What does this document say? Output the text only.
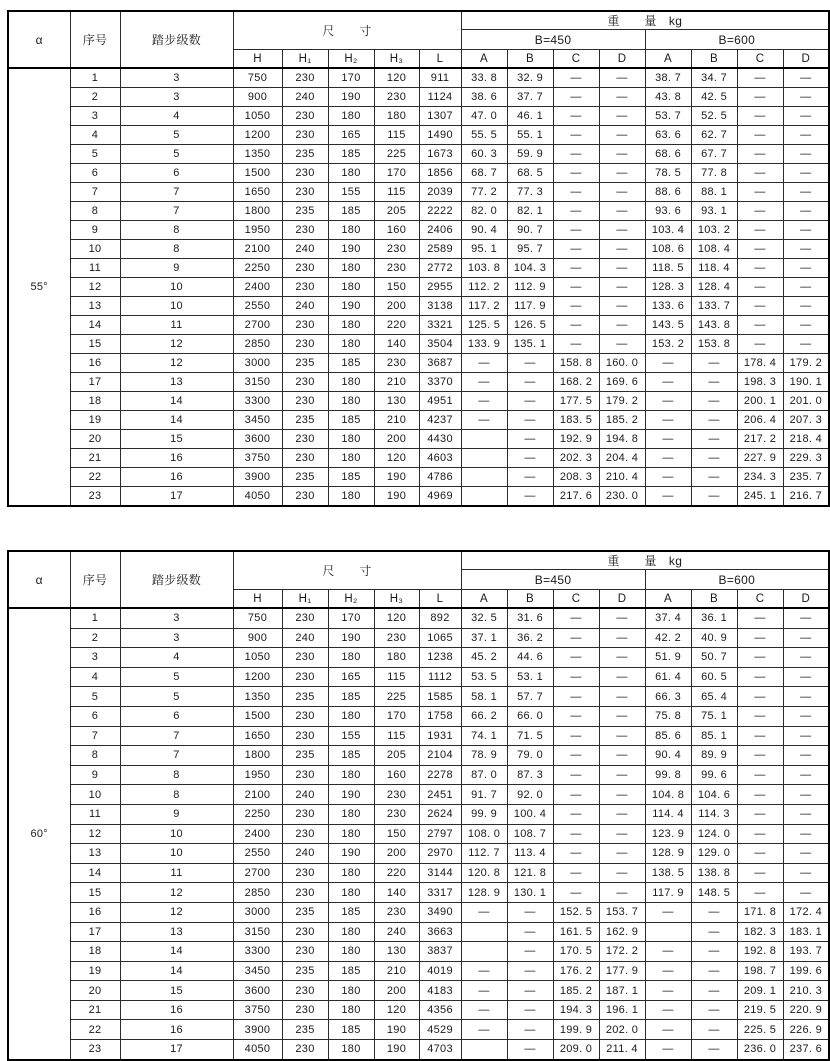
α	序号	踏步级数	尺　　寸					重　　量　kg							
								B=450				B=600			
			H	H₁	H₂	H₃	L	A	B	C	D	A	B	C	D
55°	1	3	750	230	170	120	911	33. 8	32. 9	—	—	38. 7	34. 7	—	—
	2	3	900	240	190	230	1124	38. 6	37. 7	—	—	43. 8	42. 5	—	—
	3	4	1050	230	180	180	1307	47. 0	46. 1	—	—	53. 7	52. 5	—	—
	4	5	1200	230	165	115	1490	55. 5	55. 1	—	—	63. 6	62. 7	—	—
	5	5	1350	235	185	225	1673	60. 3	59. 9	—	—	68. 6	67. 7	—	—
	6	6	1500	230	180	170	1856	68. 7	68. 5	—	—	78. 5	77. 8	—	—
	7	7	1650	230	155	115	2039	77. 2	77. 3	—	—	88. 6	88. 1	—	—
	8	7	1800	235	185	205	2222	82. 0	82. 1	—	—	93. 6	93. 1	—	—
	9	8	1950	230	180	160	2406	90. 4	90. 7	—	—	103. 4	103. 2	—	—
	10	8	2100	240	190	230	2589	95. 1	95. 7	—	—	108. 6	108. 4	—	—
	11	9	2250	230	180	230	2772	103. 8	104. 3	—	—	118. 5	118. 4	—	—
	12	10	2400	230	180	150	2955	112. 2	112. 9	—	—	128. 3	128. 4	—	—
	13	10	2550	240	190	200	3138	117. 2	117. 9	—	—	133. 6	133. 7	—	—
	14	11	2700	230	180	220	3321	125. 5	126. 5	—	—	143. 5	143. 8	—	—
	15	12	2850	230	180	140	3504	133. 9	135. 1	—	—	153. 2	153. 8	—	—
	16	12	3000	235	185	230	3687	—	—	158. 8	160. 0	—	—	178. 4	179. 2
	17	13	3150	230	180	210	3370	—	—	168. 2	169. 6	—	—	198. 3	190. 1
	18	14	3300	230	180	130	4951	—	—	177. 5	179. 2	—	—	200. 1	201. 0
	19	14	3450	235	185	210	4237	—	—	183. 5	185. 2	—	—	206. 4	207. 3
	20	15	3600	230	180	200	4430		—	192. 9	194. 8	—	—	217. 2	218. 4
	21	16	3750	230	180	120	4603		—	202. 3	204. 4	—	—	227. 9	229. 3
	22	16	3900	235	185	190	4786		—	208. 3	210. 4	—	—	234. 3	235. 7
	23	17	4050	230	180	190	4969		—	217. 6	230. 0	—	—	245. 1	216. 7
α	序号	踏步级数	尺　　寸					重　　量　kg							
								B=450				B=600			
			H	H₁	H₂	H₃	L	A	B	C	D	A	B	C	D
60°	1	3	750	230	170	120	892	32. 5	31. 6	—	—	37. 4	36. 1	—	—
	2	3	900	240	190	230	1065	37. 1	36. 2	—	—	42. 2	40. 9	—	—
	3	4	1050	230	180	180	1238	45. 2	44. 6	—	—	51. 9	50. 7	—	—
	4	5	1200	230	165	115	1112	53. 5	53. 1	—	—	61. 4	60. 5	—	—
	5	5	1350	235	185	225	1585	58. 1	57. 7	—	—	66. 3	65. 4	—	—
	6	6	1500	230	180	170	1758	66. 2	66. 0	—	—	75. 8	75. 1	—	—
	7	7	1650	230	155	115	1931	74. 1	71. 5	—	—	85. 6	85. 1	—	—
	8	7	1800	235	185	205	2104	78. 9	79. 0	—	—	90. 4	89. 9	—	—
	9	8	1950	230	180	160	2278	87. 0	87. 3	—	—	99. 8	99. 6	—	—
	10	8	2100	240	190	230	2451	91. 7	92. 0	—	—	104. 8	104. 6	—	—
	11	9	2250	230	180	230	2624	99. 9	100. 4	—	—	114. 4	114. 3	—	—
	12	10	2400	230	180	150	2797	108. 0	108. 7	—	—	123. 9	124. 0	—	—
	13	10	2550	240	190	200	2970	112. 7	113. 4	—	—	128. 9	129. 0	—	—
	14	11	2700	230	180	220	3144	120. 8	121. 8	—	—	138. 5	138. 8	—	—
	15	12	2850	230	180	140	3317	128. 9	130. 1	—	—	117. 9	148. 5	—	—
	16	12	3000	235	185	230	3490	—	—	152. 5	153. 7	—	—	171. 8	172. 4
	17	13	3150	230	180	240	3663		—	161. 5	162. 9		—	182. 3	183. 1
	18	14	3300	230	180	130	3837		—	170. 5	172. 2	—	—	192. 8	193. 7
	19	14	3450	235	185	210	4019	—	—	176. 2	177. 9	—	—	198. 7	199. 6
	20	15	3600	230	180	200	4183	—	—	185. 2	187. 1	—	—	209. 1	210. 3
	21	16	3750	230	180	120	4356	—	—	194. 3	196. 1	—	—	219. 5	220. 9
	22	16	3900	235	185	190	4529	—	—	199. 9	202. 0	—	—	225. 5	226. 9
	23	17	4050	230	180	190	4703		—	209. 0	211. 4	—	—	236. 0	237. 6
